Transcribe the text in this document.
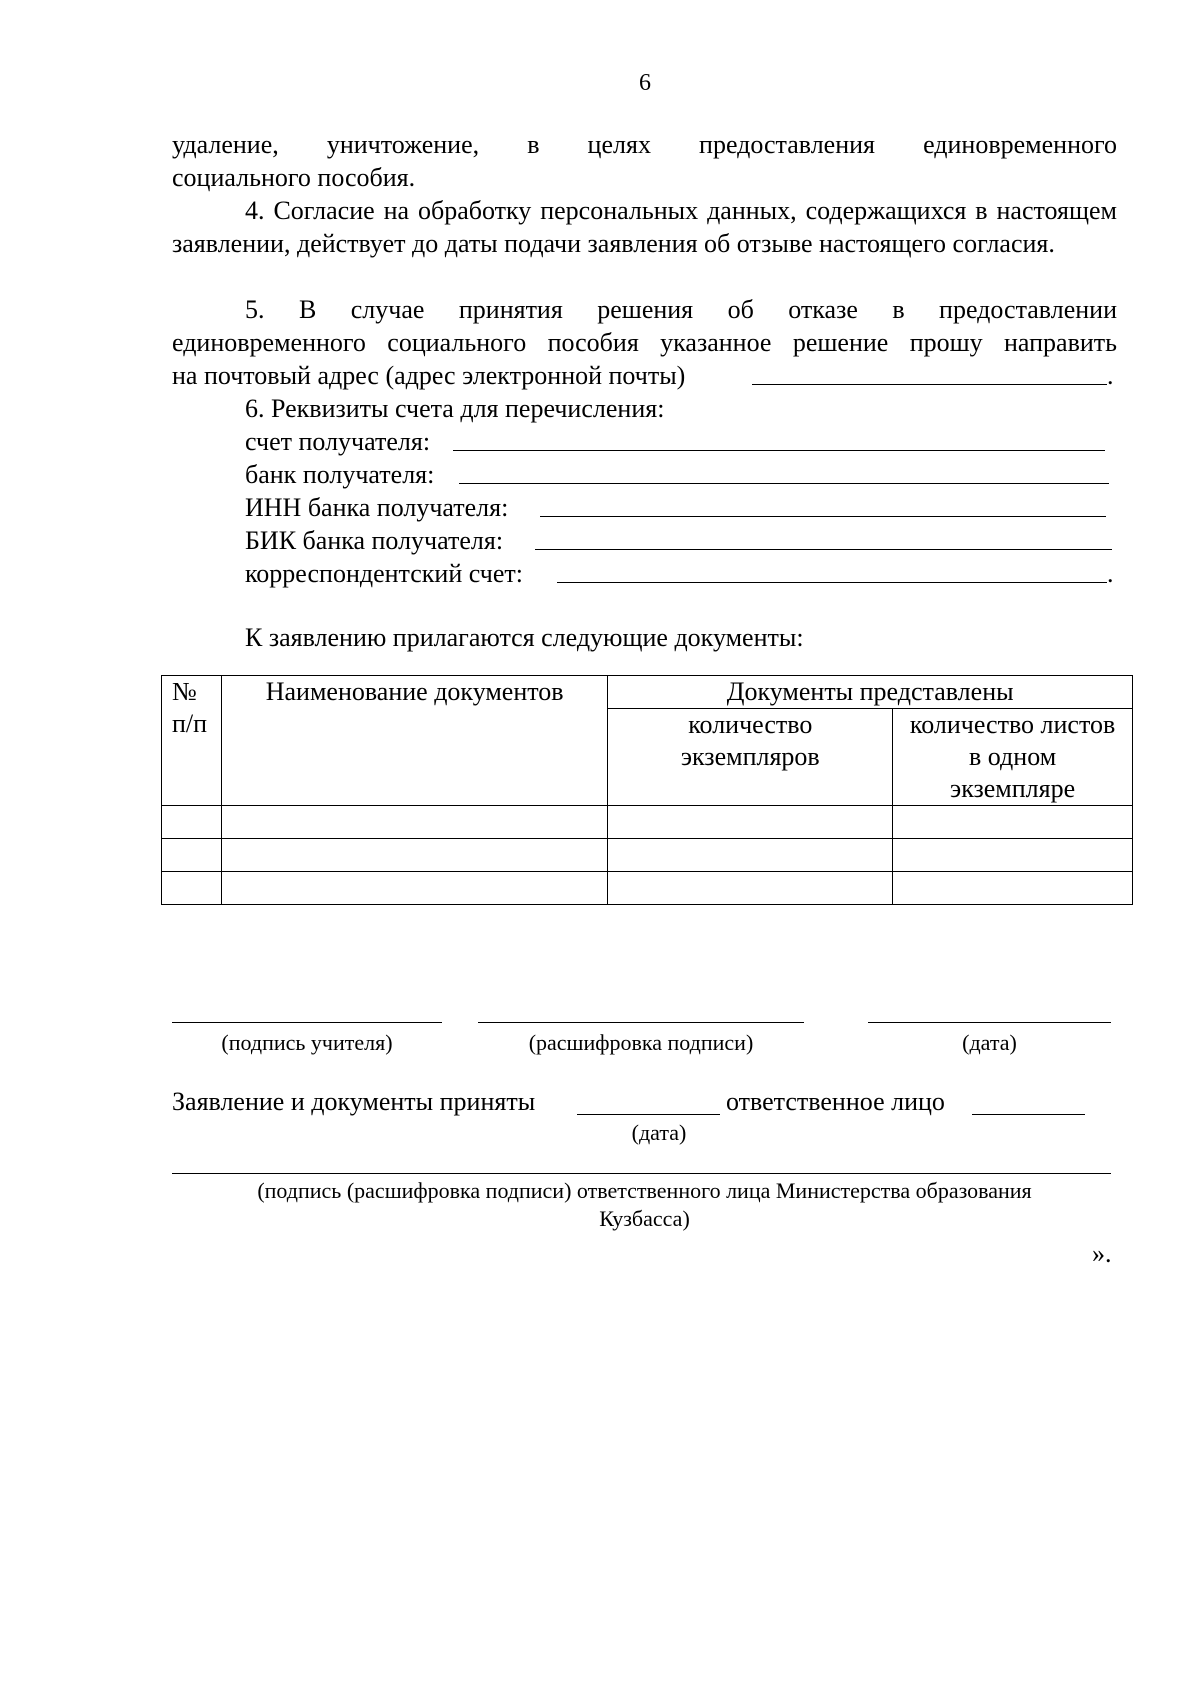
6
удаление, уничтожение, в целях предоставления единовременного
социального пособия.
4. Согласие на обработку персональных данных, содержащихся в настоящем заявлении, действует до даты подачи заявления об отзыве настоящего согласия.
5. В случае принятия решения об отказе в предоставлении
единовременного социального пособия указанное решение прошу направить
на почтовый адрес (адрес электронной почты)	.
6. Реквизиты счета для перечисления:
счет получателя:
банк получателя:
ИНН банка получателя:
БИК банка получателя:
корреспондентский счет:	.
К заявлению прилагаются следующие документы:
№ п/п	Наименование документов	Документы представлены	
		количество экземпляров	количество листов в одном экземпляре

(подпись учителя)	(расшифровка подписи)	(дата)
Заявление и документы приняты	ответственное лицо
(дата)
(подпись (расшифровка подписи) ответственного лица Министерства образования
Кузбасса)
».
